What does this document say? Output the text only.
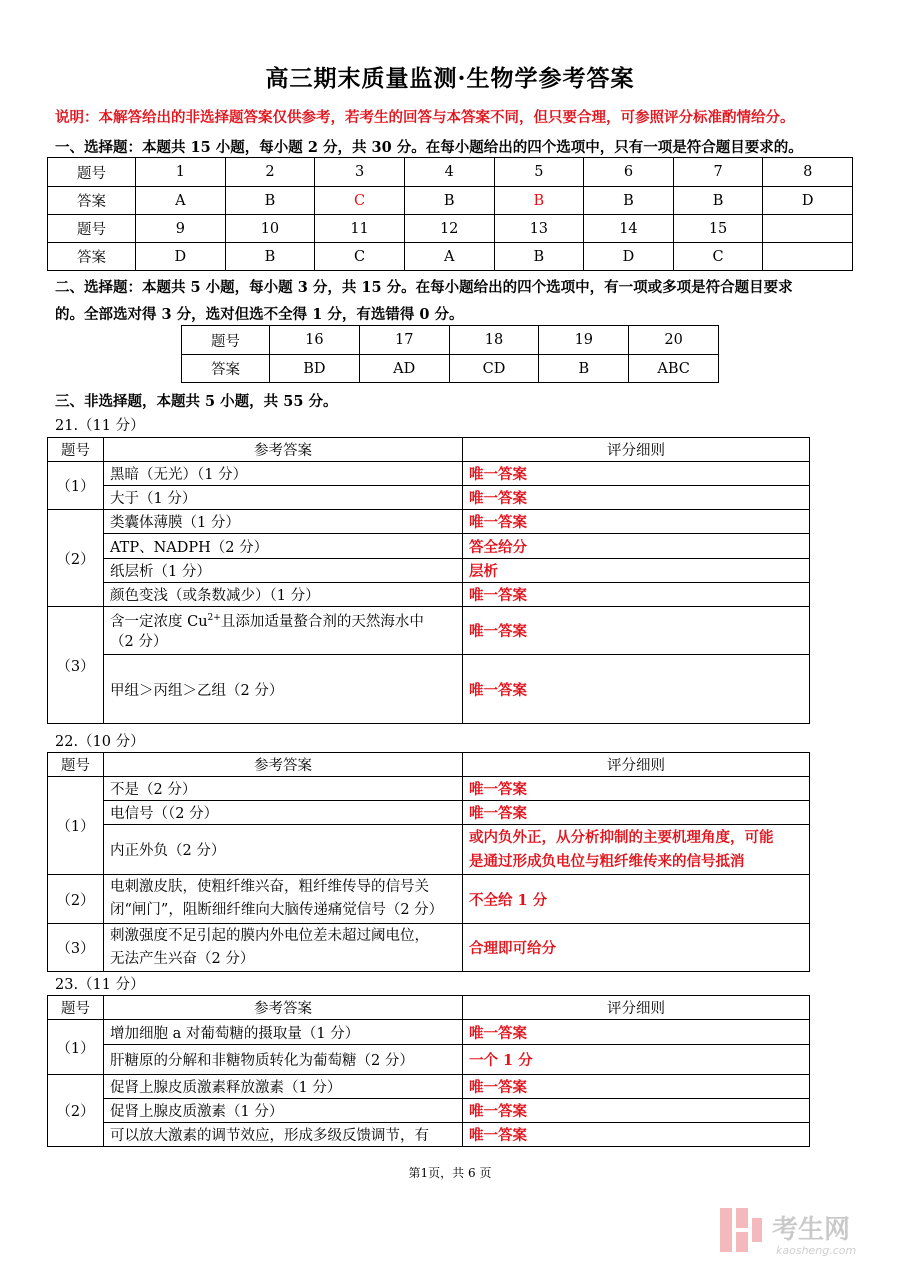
高三期末质量监测·生物学参考答案
说明：本解答给出的非选择题答案仅供参考，若考生的回答与本答案不同，但只要合理，可参照评分标准酌情给分。
一、选择题：本题共 15 小题，每小题 2 分，共 30 分。在每小题给出的四个选项中，只有一项是符合题目要求的。
题号	1	2	3	4	5	6	7	8
答案	A	B	C	B	B	B	B	D
题号	9	10	11	12	13	14	15	
答案	D	B	C	A	B	D	C	
二、选择题：本题共 5 小题，每小题 3 分，共 15 分。在每小题给出的四个选项中，有一项或多项是符合题目要求
的。全部选对得 3 分，选对但选不全得 1 分，有选错得 0 分。
题号	16	17	18	19	20
答案	BD	AD	CD	B	ABC
三、非选择题，本题共 5 小题，共 55 分。
21.（11 分）
题号	参考答案	评分细则
（1）	黑暗（无光）（1 分）	唯一答案
	大于（1 分）	唯一答案
（2）	类囊体薄膜（1 分）	唯一答案
	ATP、NADPH（2 分）	答全给分
	纸层析（1 分）	层析
	颜色变浅（或条数减少）（1 分）	唯一答案
（3）	含一定浓度 $Cu^{2+}$且添加适量螯合剂的天然海水中
（2 分）	唯一答案
	甲组＞丙组＞乙组（2 分）	唯一答案
22.（10 分）
题号	参考答案	评分细则
（1）	不是（2 分）	唯一答案
	电信号（（2 分）	唯一答案
	内正外负（2 分）	或内负外正，从分析抑制的主要机理角度，可能
是通过形成负电位与粗纤维传来的信号抵消
（2）	电刺激皮肤，使粗纤维兴奋，粗纤维传导的信号关
闭“闸门”，阻断细纤维向大脑传递痛觉信号（2 分）	不全给 1 分
（3）	刺激强度不足引起的膜内外电位差未超过阈电位，
无法产生兴奋（2 分）	合理即可给分
23.（11 分）
题号	参考答案	评分细则
（1）	增加细胞 a 对葡萄糖的摄取量（1 分）	唯一答案
	肝糖原的分解和非糖物质转化为葡萄糖（2 分）	一个 1 分
（2）	促肾上腺皮质激素释放激素（1 分）	唯一答案
	促肾上腺皮质激素（1 分）	唯一答案
	可以放大激素的调节效应，形成多级反馈调节，有	唯一答案
第1页，共 6 页
考生网
kaosheng.com
